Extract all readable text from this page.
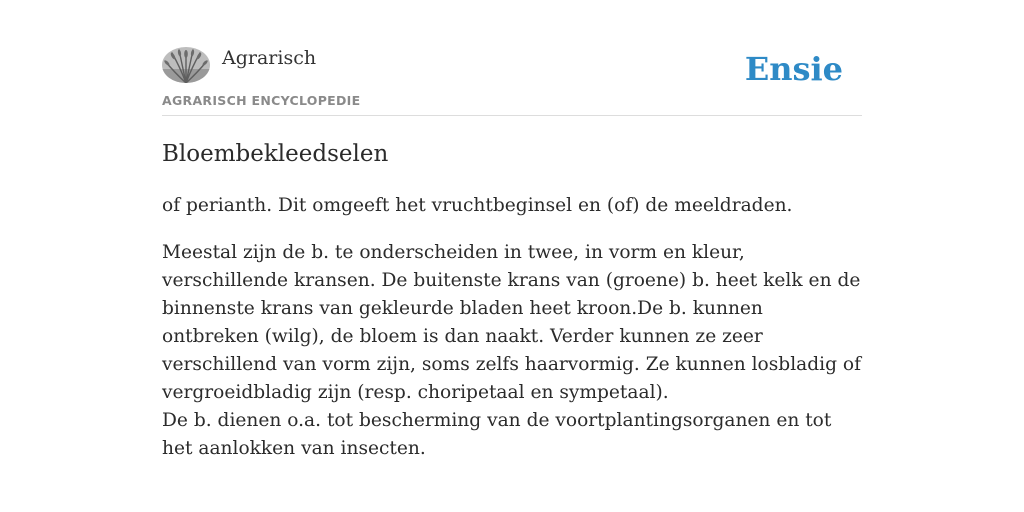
Agrarisch	Ensie
AGRARISCH ENCYCLOPEDIE
Bloembekleedselen

of perianth. Dit omgeeft het vruchtbeginsel en (of) de meeldraden.

Meestal zijn de b. te onderscheiden in twee, in vorm en kleur, verschillende kransen. De buitenste krans van (groene) b. heet kelk en de binnenste krans van gekleurde bladen heet kroon.De b. kunnen ontbreken (wilg), de bloem is dan naakt. Verder kunnen ze zeer verschillend van vorm zijn, soms zelfs haarvormig. Ze kunnen losbladig of vergroeidbladig zijn (resp. choripetaal en sympetaal).

De b. dienen o.a. tot bescherming van de voortplantingsorganen en tot het aanlokken van insecten.
